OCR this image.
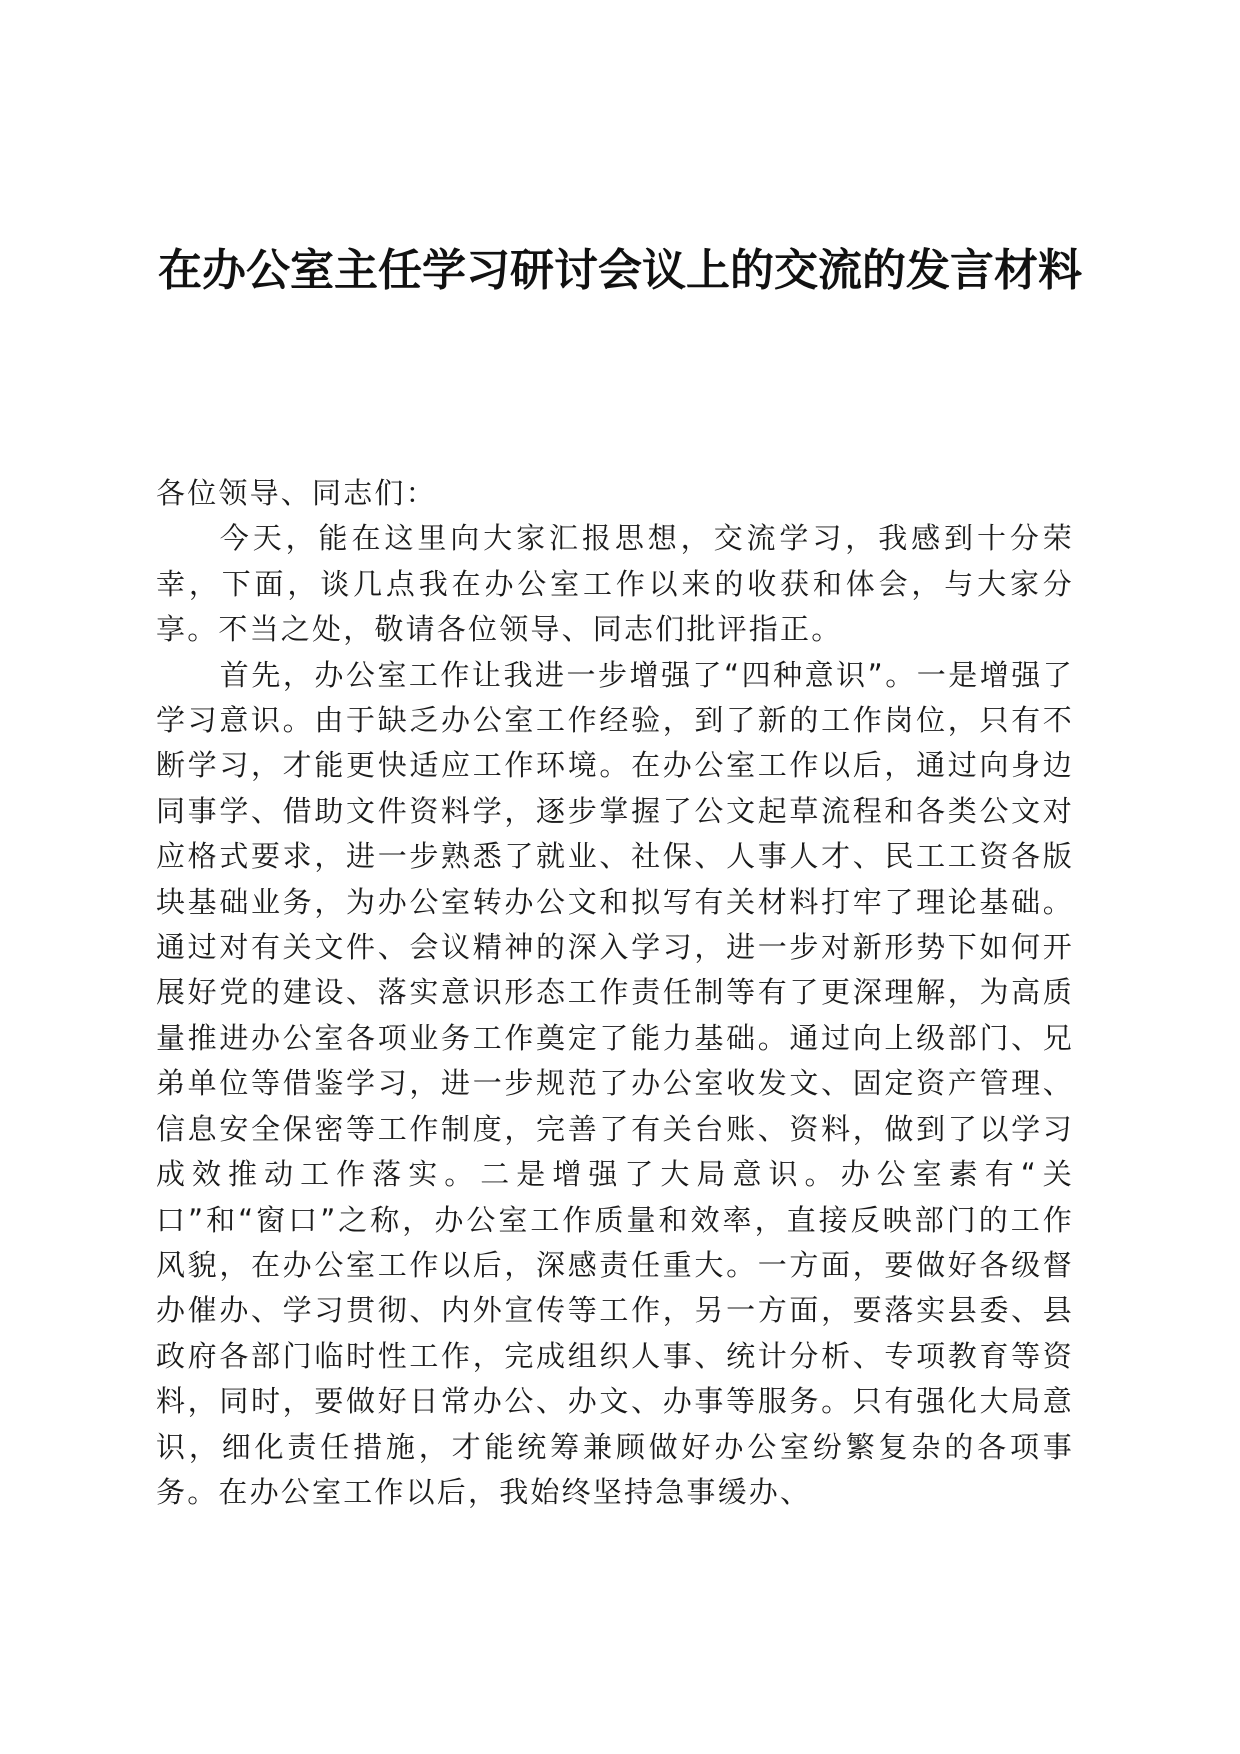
在办公室主任学习研讨会议上的交流的发言材料

各位领导、同志们：

今天，能在这里向大家汇报思想，交流学习，我感到十分荣幸，下面，谈几点我在办公室工作以来的收获和体会，与大家分享。不当之处，敬请各位领导、同志们批评指正。

首先，办公室工作让我进一步增强了“四种意识”。一是增强了学习意识。由于缺乏办公室工作经验，到了新的工作岗位，只有不断学习，才能更快适应工作环境。在办公室工作以后，通过向身边同事学、借助文件资料学，逐步掌握了公文起草流程和各类公文对应格式要求，进一步熟悉了就业、社保、人事人才、民工工资各版块基础业务，为办公室转办公文和拟写有关材料打牢了理论基础。通过对有关文件、会议精神的深入学习，进一步对新形势下如何开展好党的建设、落实意识形态工作责任制等有了更深理解，为高质量推进办公室各项业务工作奠定了能力基础。通过向上级部门、兄弟单位等借鉴学习，进一步规范了办公室收发文、固定资产管理、信息安全保密等工作制度，完善了有关台账、资料，做到了以学习成效推动工作落实。二是增强了大局意识。办公室素有“关口”和“窗口”之称，办公室工作质量和效率，直接反映部门的工作风貌，在办公室工作以后，深感责任重大。一方面，要做好各级督办催办、学习贯彻、内外宣传等工作，另一方面，要落实县委、县政府各部门临时性工作，完成组织人事、统计分析、专项教育等资料，同时，要做好日常办公、办文、办事等服务。只有强化大局意识，细化责任措施，才能统筹兼顾做好办公室纷繁复杂的各项事务。在办公室工作以后，我始终坚持急事缓办、
